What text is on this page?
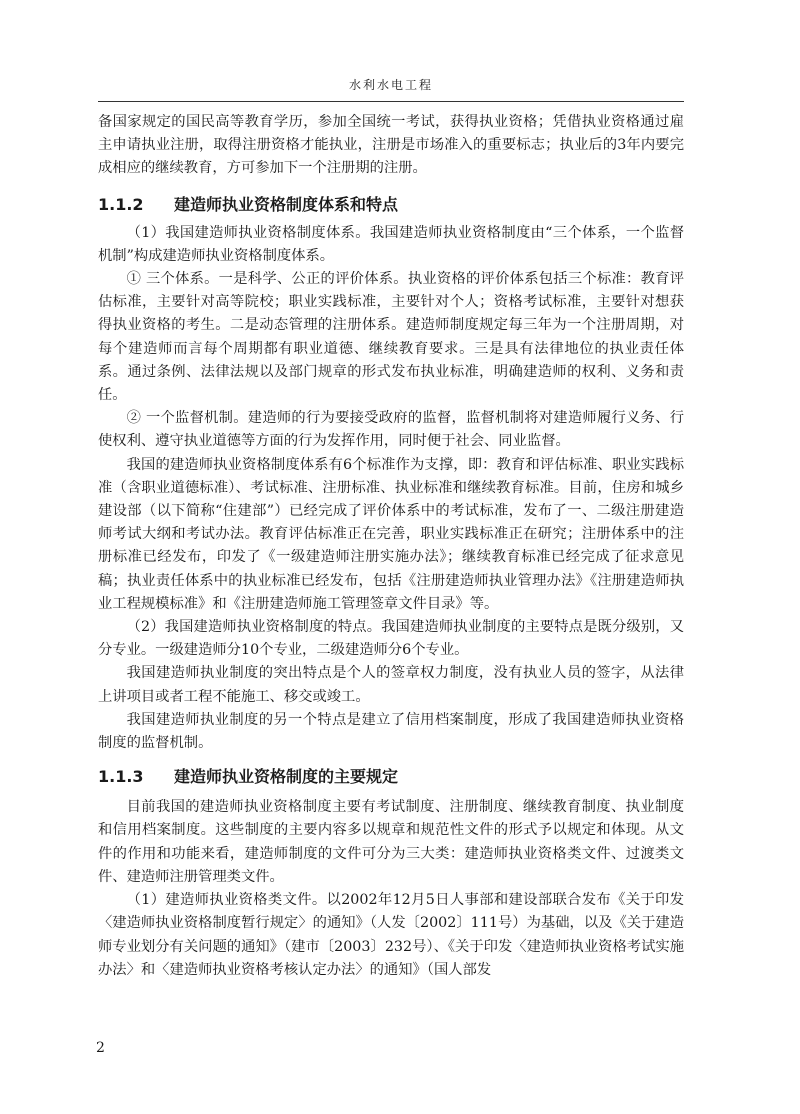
水利水电工程

备国家规定的国民高等教育学历，参加全国统一考试，获得执业资格；凭借执业资格通过雇主申请执业注册，取得注册资格才能执业，注册是市场准入的重要标志；执业后的3年内要完成相应的继续教育，方可参加下一个注册期的注册。

1.1.2 建造师执业资格制度体系和特点

（1）我国建造师执业资格制度体系。我国建造师执业资格制度由“三个体系，一个监督机制”构成建造师执业资格制度体系。

① 三个体系。一是科学、公正的评价体系。执业资格的评价体系包括三个标准：教育评估标准，主要针对高等院校；职业实践标准，主要针对个人；资格考试标准，主要针对想获得执业资格的考生。二是动态管理的注册体系。建造师制度规定每三年为一个注册周期，对每个建造师而言每个周期都有职业道德、继续教育要求。三是具有法律地位的执业责任体系。通过条例、法律法规以及部门规章的形式发布执业标准，明确建造师的权利、义务和责任。

② 一个监督机制。建造师的行为要接受政府的监督，监督机制将对建造师履行义务、行使权利、遵守执业道德等方面的行为发挥作用，同时便于社会、同业监督。

我国的建造师执业资格制度体系有6个标准作为支撑，即：教育和评估标准、职业实践标准（含职业道德标准）、考试标准、注册标准、执业标准和继续教育标准。目前，住房和城乡建设部（以下简称“住建部”）已经完成了评价体系中的考试标准，发布了一、二级注册建造师考试大纲和考试办法。教育评估标准正在完善，职业实践标准正在研究；注册体系中的注册标准已经发布，印发了《一级建造师注册实施办法》；继续教育标准已经完成了征求意见稿；执业责任体系中的执业标准已经发布，包括《注册建造师执业管理办法》《注册建造师执业工程规模标准》和《注册建造师施工管理签章文件目录》等。

（2）我国建造师执业资格制度的特点。我国建造师执业制度的主要特点是既分级别，又分专业。一级建造师分10个专业，二级建造师分6个专业。

我国建造师执业制度的突出特点是个人的签章权力制度，没有执业人员的签字，从法律上讲项目或者工程不能施工、移交或竣工。

我国建造师执业制度的另一个特点是建立了信用档案制度，形成了我国建造师执业资格制度的监督机制。

1.1.3 建造师执业资格制度的主要规定

目前我国的建造师执业资格制度主要有考试制度、注册制度、继续教育制度、执业制度和信用档案制度。这些制度的主要内容多以规章和规范性文件的形式予以规定和体现。从文件的作用和功能来看，建造师制度的文件可分为三大类：建造师执业资格类文件、过渡类文件、建造师注册管理类文件。

（1）建造师执业资格类文件。以2002年12月5日人事部和建设部联合发布《关于印发〈建造师执业资格制度暂行规定〉的通知》（人发〔2002〕111号）为基础，以及《关于建造师专业划分有关问题的通知》（建市〔2003〕232号）、《关于印发〈建造师执业资格考试实施办法〉和〈建造师执业资格考核认定办法〉的通知》（国人部发

2
